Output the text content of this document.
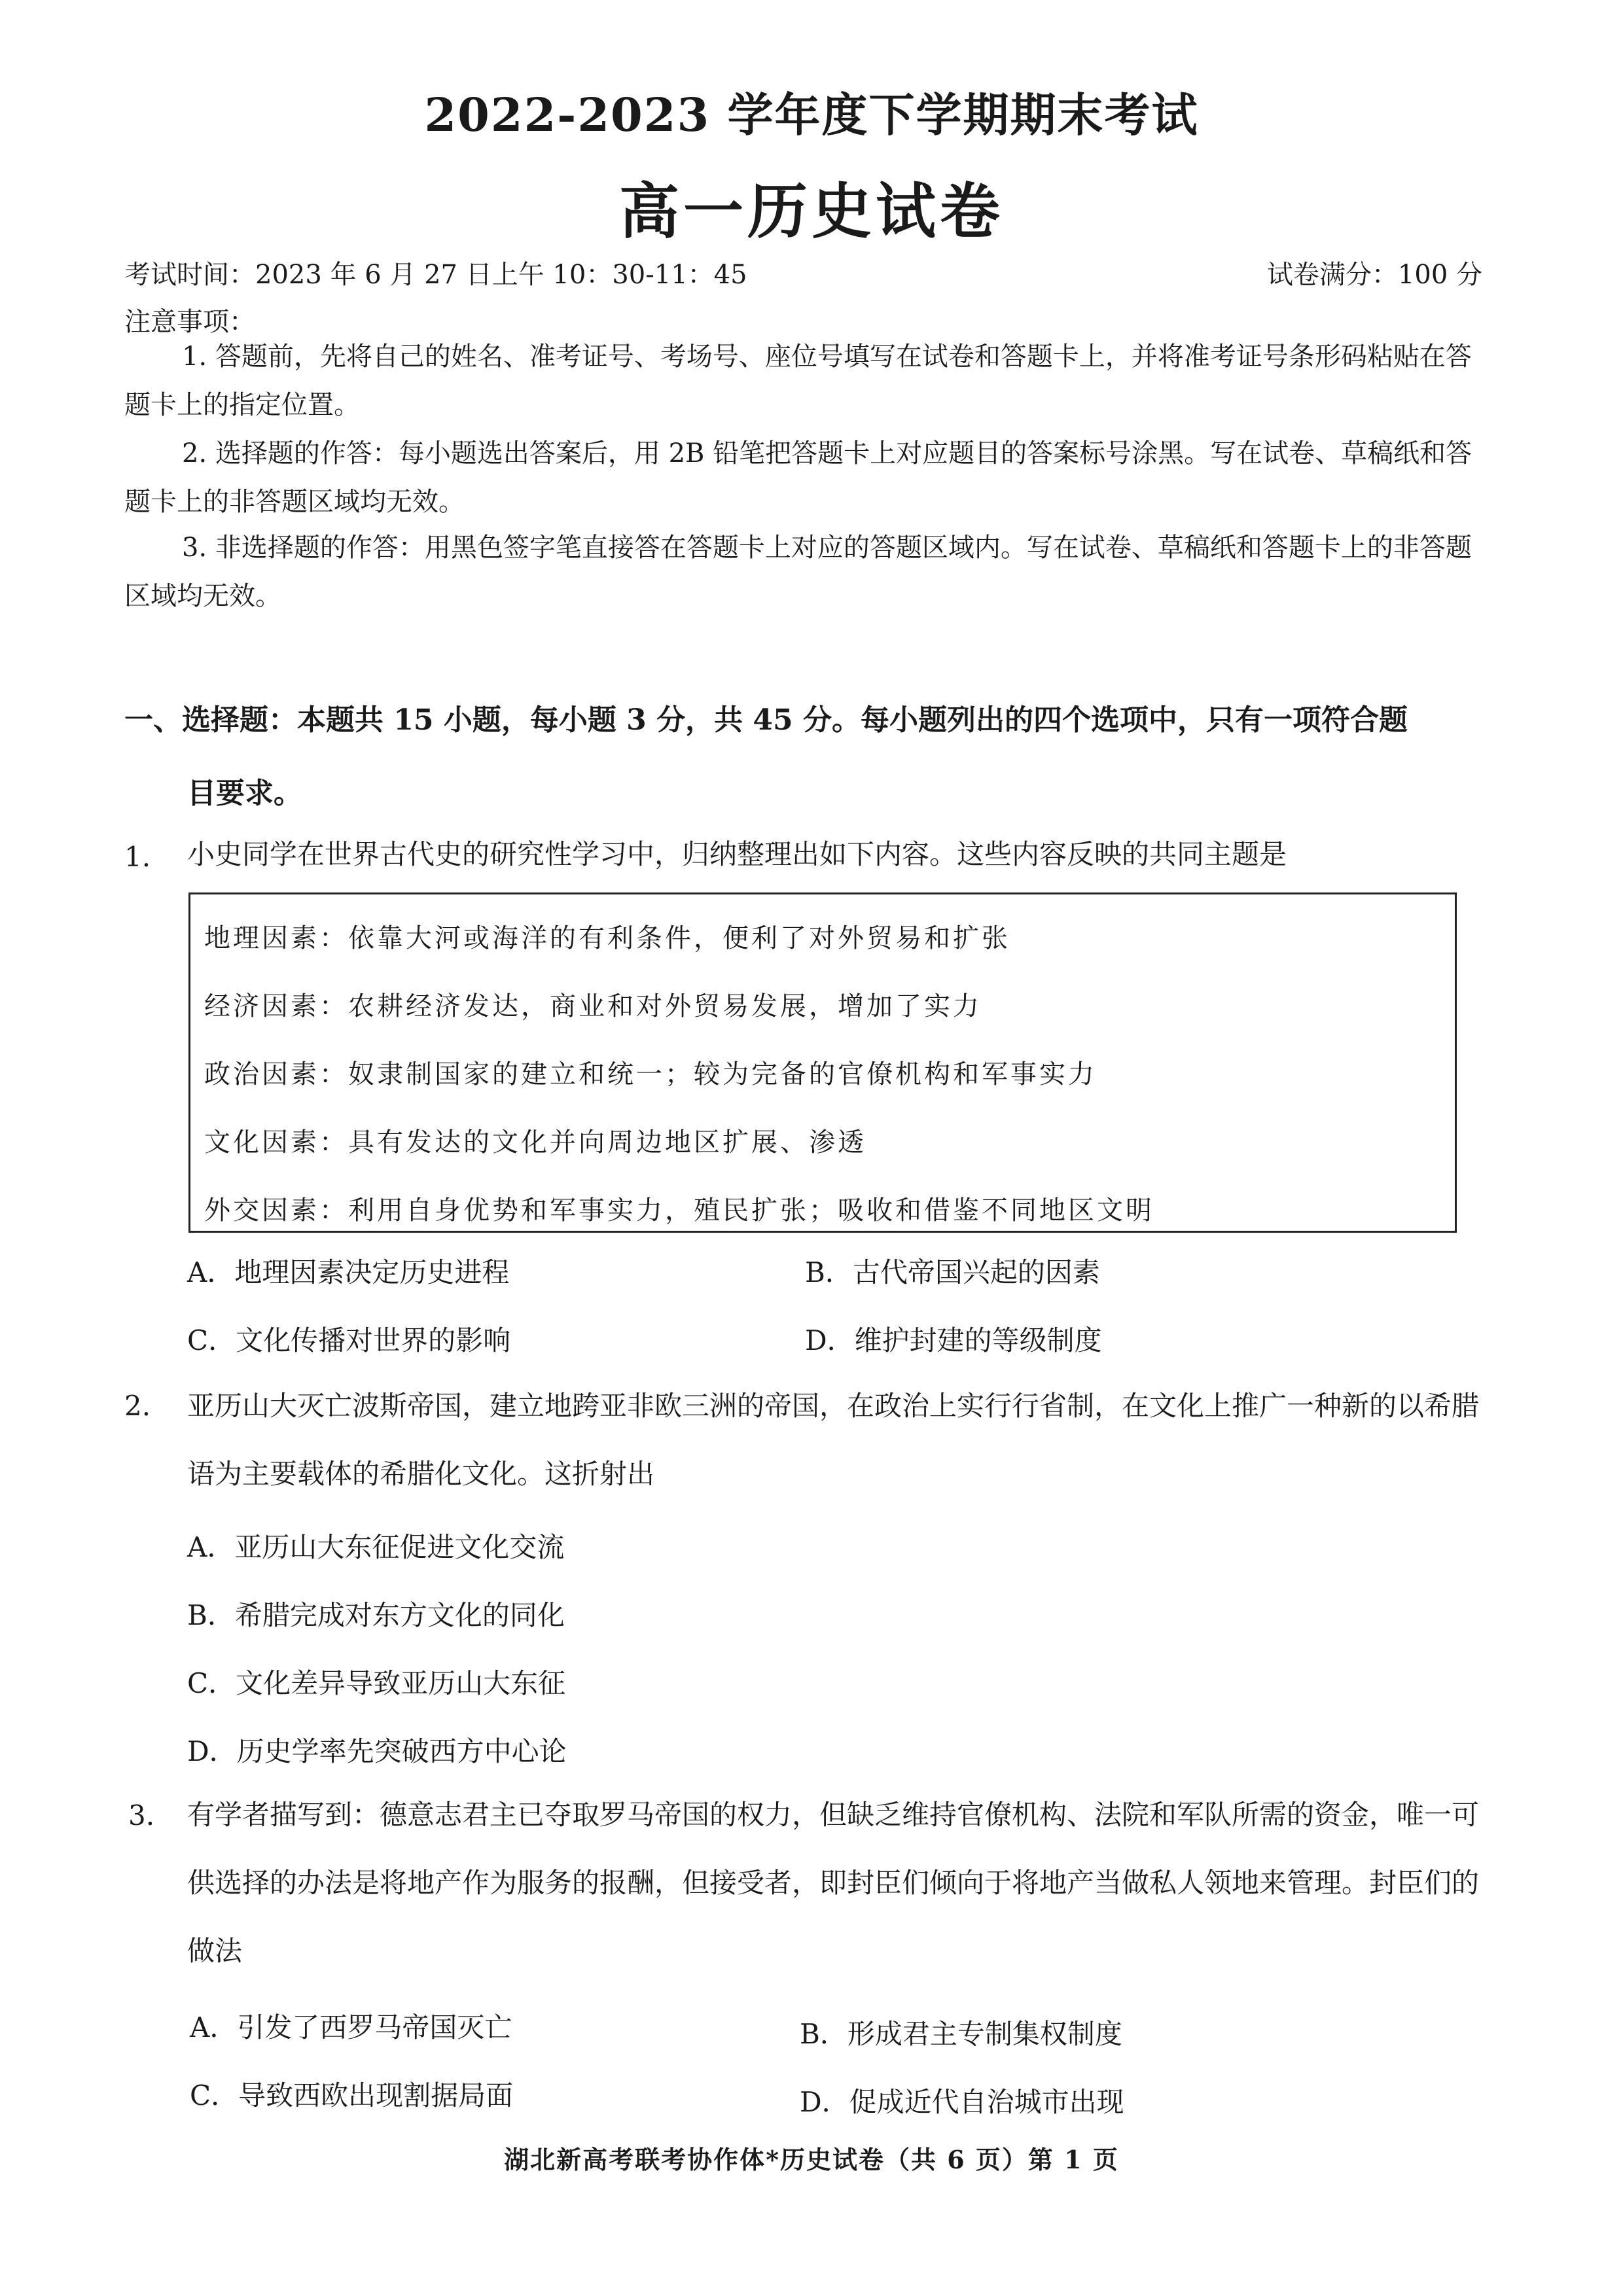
2022-2023 学年度下学期期末考试
高一历史试卷
考试时间：2023 年 6 月 27 日上午 10：30-11：45	试卷满分：100 分
注意事项：
1. 答题前，先将自己的姓名、准考证号、考场号、座位号填写在试卷和答题卡上，并将准考证号条形码粘贴在答题卡上的指定位置。
2. 选择题的作答：每小题选出答案后，用 2B 铅笔把答题卡上对应题目的答案标号涂黑。写在试卷、草稿纸和答题卡上的非答题区域均无效。
3. 非选择题的作答：用黑色签字笔直接答在答题卡上对应的答题区域内。写在试卷、草稿纸和答题卡上的非答题区域均无效。
一、选择题：本题共 15 小题，每小题 3 分，共 45 分。每小题列出的四个选项中，只有一项符合题
目要求。
1. 小史同学在世界古代史的研究性学习中，归纳整理出如下内容。这些内容反映的共同主题是
地理因素：依靠大河或海洋的有利条件，便利了对外贸易和扩张
经济因素：农耕经济发达，商业和对外贸易发展，增加了实力
政治因素：奴隶制国家的建立和统一；较为完备的官僚机构和军事实力
文化因素：具有发达的文化并向周边地区扩展、渗透
外交因素：利用自身优势和军事实力，殖民扩张；吸收和借鉴不同地区文明
A．地理因素决定历史进程	B．古代帝国兴起的因素
C．文化传播对世界的影响	D．维护封建的等级制度
2. 亚历山大灭亡波斯帝国，建立地跨亚非欧三洲的帝国，在政治上实行行省制，在文化上推广一种新的以希腊语为主要载体的希腊化文化。这折射出
A．亚历山大东征促进文化交流
B．希腊完成对东方文化的同化
C．文化差异导致亚历山大东征
D．历史学率先突破西方中心论
3. 有学者描写到：德意志君主已夺取罗马帝国的权力，但缺乏维持官僚机构、法院和军队所需的资金，唯一可供选择的办法是将地产作为服务的报酬，但接受者，即封臣们倾向于将地产当做私人领地来管理。封臣们的做法
A．引发了西罗马帝国灭亡	B．形成君主专制集权制度
C．导致西欧出现割据局面	D．促成近代自治城市出现
湖北新高考联考协作体*历史试卷（共 6 页）第 1 页
